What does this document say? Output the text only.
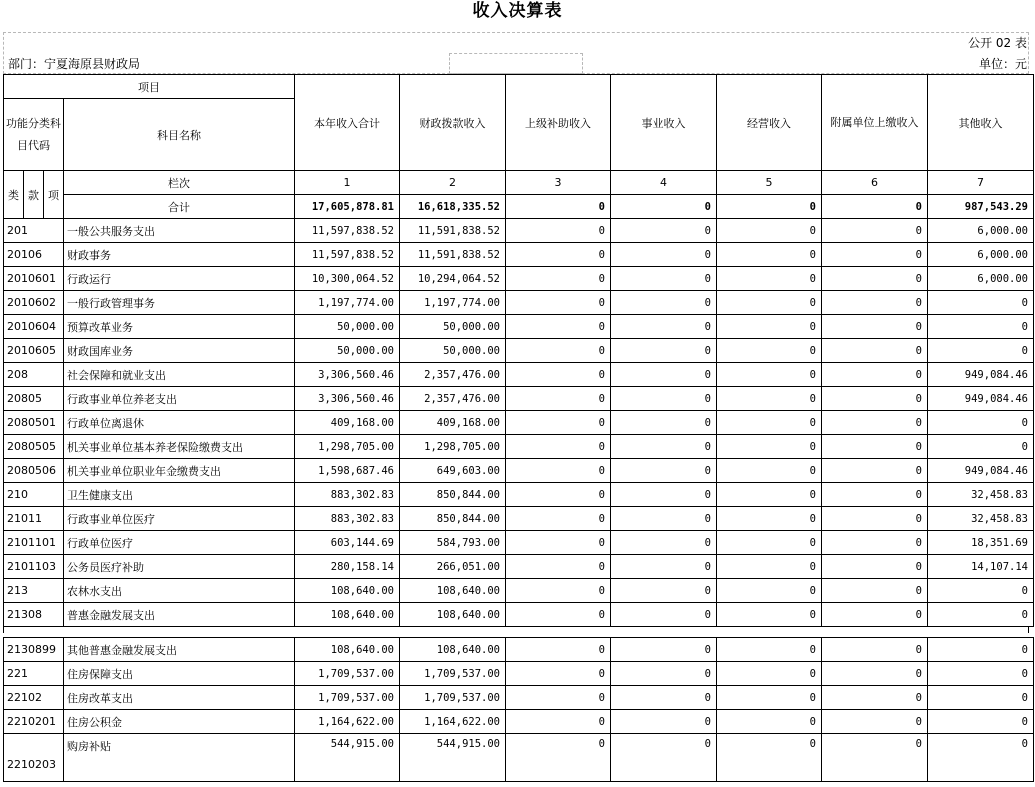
收入决算表
公开 02 表
部门：宁夏海原县财政局	单位：元
项目				本年收入合计	财政拨款收入	上级补助收入	事业收入	经营收入	附属单位上缴收入	其他收入
功能分类科目代码			科目名称							

类	款	项	栏次	1	2	3	4	5	6	7
			合计	17,605,878.81	16,618,335.52	0	0	0	0	987,543.29
201			一般公共服务支出	11,597,838.52	11,591,838.52	0	0	0	0	6,000.00
20106			财政事务	11,597,838.52	11,591,838.52	0	0	0	0	6,000.00
2010601			行政运行	10,300,064.52	10,294,064.52	0	0	0	0	6,000.00
2010602			一般行政管理事务	1,197,774.00	1,197,774.00	0	0	0	0	0
2010604			预算改革业务	50,000.00	50,000.00	0	0	0	0	0
2010605			财政国库业务	50,000.00	50,000.00	0	0	0	0	0
208			社会保障和就业支出	3,306,560.46	2,357,476.00	0	0	0	0	949,084.46
20805			行政事业单位养老支出	3,306,560.46	2,357,476.00	0	0	0	0	949,084.46
2080501			行政单位离退休	409,168.00	409,168.00	0	0	0	0	0
2080505			机关事业单位基本养老保险缴费支出	1,298,705.00	1,298,705.00	0	0	0	0	0
2080506			机关事业单位职业年金缴费支出	1,598,687.46	649,603.00	0	0	0	0	949,084.46
210			卫生健康支出	883,302.83	850,844.00	0	0	0	0	32,458.83
21011			行政事业单位医疗	883,302.83	850,844.00	0	0	0	0	32,458.83
2101101			行政单位医疗	603,144.69	584,793.00	0	0	0	0	18,351.69
2101103			公务员医疗补助	280,158.14	266,051.00	0	0	0	0	14,107.14
213			农林水支出	108,640.00	108,640.00	0	0	0	0	0
21308			普惠金融发展支出	108,640.00	108,640.00	0	0	0	0	0
2130899	其他普惠金融发展支出	108,640.00	108,640.00	0	0	0	0	0
221	住房保障支出	1,709,537.00	1,709,537.00	0	0	0	0	0
22102	住房改革支出	1,709,537.00	1,709,537.00	0	0	0	0	0
2210201	住房公积金	1,164,622.00	1,164,622.00	0	0	0	0	0
2210203	购房补贴	544,915.00	544,915.00	0	0	0	0	0
